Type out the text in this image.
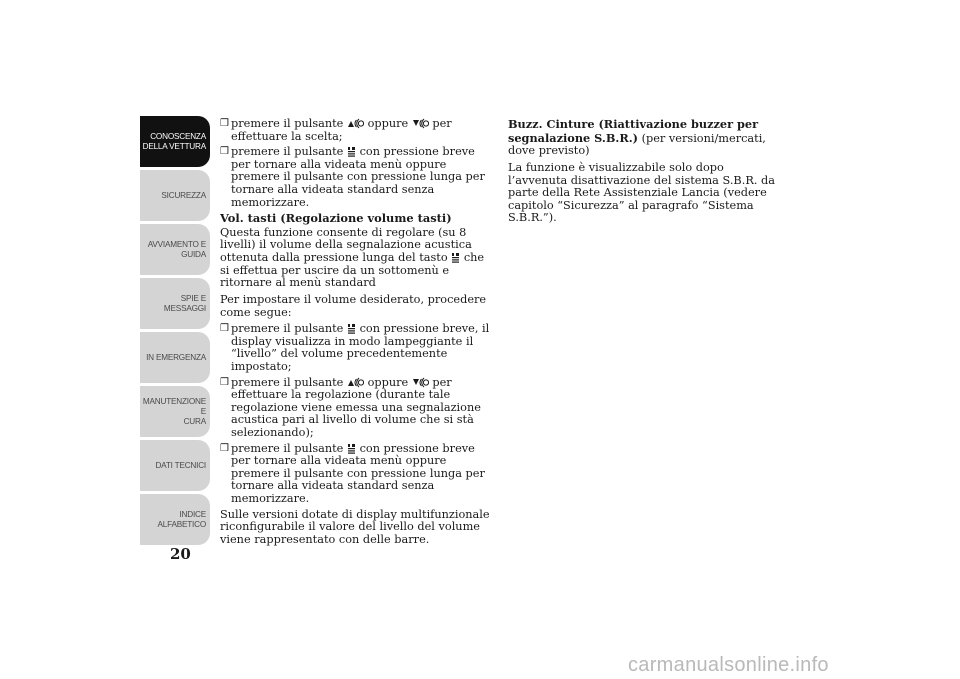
CONOSCENZA
DELLA VETTURA
SICUREZZA
AVVIAMENTO E
GUIDA
SPIE E MESSAGGI
IN EMERGENZA
MANUTENZIONE E
CURA
DATI TECNICI
INDICE
ALFABETICO
20
❒ premere il pulsante oppure per effettuare la scelta;
❒ premere il pulsante con pressione breve per tornare alla videata menù oppure premere il pulsante con pressione lunga per tornare alla videata standard senza memorizzare.
Vol. tasti (Regolazione volume tasti)

Questa funzione consente di regolare (su 8 livelli) il volume della segnalazione acustica ottenuta dalla pressione lunga del tasto che si effettua per uscire da un sottomenù e ritornare al menù standard

Per impostare il volume desiderato, procedere come segue:

❒ premere il pulsante con pressione breve, il display visualizza in modo lampeggiante il “livello” del volume precedentemente impostato;
❒ premere il pulsante oppure per effettuare la regolazione (durante tale regolazione viene emessa una segnalazione acustica pari al livello di volume che si stà selezionando);
❒ premere il pulsante con pressione breve per tornare alla videata menù oppure premere il pulsante con pressione lunga per tornare alla videata standard senza memorizzare.

Sulle versioni dotate di display multifunzionale riconfigurabile il valore del livello del volume viene rappresentato con delle barre.

Buzz. Cinture (Riattivazione buzzer per segnalazione S.B.R.) (per versioni/mercati, dove previsto)

La funzione è visualizzabile solo dopo l’avvenuta disattivazione del sistema S.B.R. da parte della Rete Assistenziale Lancia (vedere capitolo “Sicurezza” al paragrafo “Sistema S.B.R.”).

carmanualsonline.info
